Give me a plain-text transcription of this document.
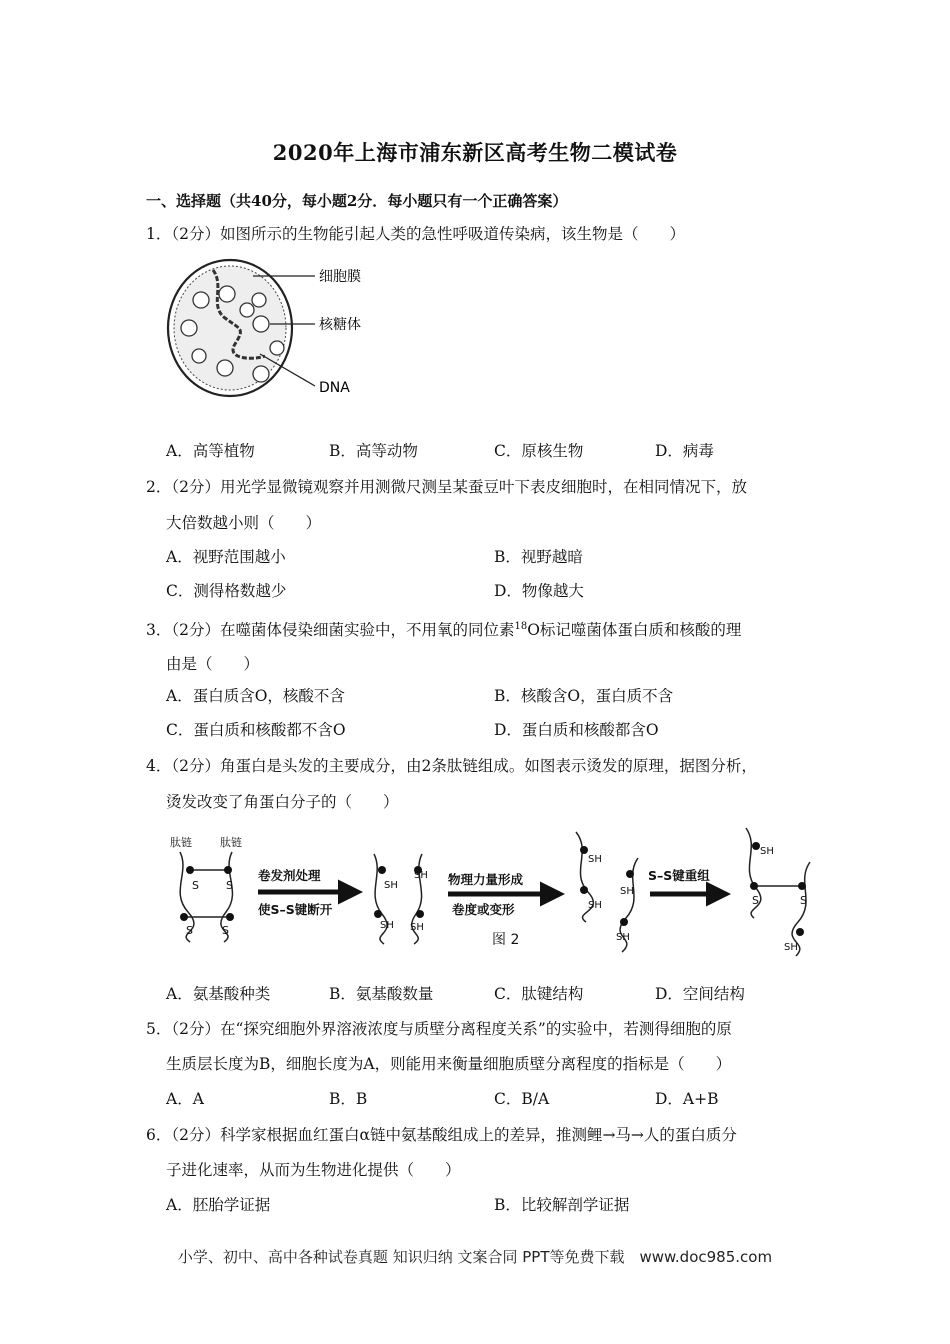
2020年上海市浦东新区高考生物二模试卷
一、选择题（共40分，每小题2分．每小题只有一个正确答案）
1．（2分）如图所示的生物能引起人类的急性呼吸道传染病，该生物是（　　）
细胞膜
核糖体
DNA
A．高等植物	B．高等动物	C．原核生物	D．病毒
2．（2分）用光学显微镜观察并用测微尺测呈某蚕豆叶下表皮细胞时，在相同情况下，放
大倍数越小则（　　）
A．视野范围越小	B．视野越暗
C．测得格数越少	D．物像越大
3．（2分）在噬菌体侵染细菌实验中，不用氧的同位素$^{18}$O标记噬菌体蛋白质和核酸的理
由是（　　）
A．蛋白质含O，核酸不含	B．核酸含O，蛋白质不含
C．蛋白质和核酸都不含O	D．蛋白质和核酸都含O
4．（2分）角蛋白是头发的主要成分，由2条肽链组成。如图表示烫发的原理，据图分析，
烫发改变了角蛋白分子的（　　）
肽链	肽链
S S
S	S
卷发剂处理
使S–S键断开
SH
SH
SH SH
物理力量形成
卷度或变形
图 2
SH
SH
SH
SH
S–S键重组
SH
S	S
SH
A．氨基酸种类	B．氨基酸数量	C．肽键结构	D．空间结构
5．（2分）在“探究细胞外界溶液浓度与质壁分离程度关系”的实验中，若测得细胞的原
生质层长度为B，细胞长度为A，则能用来衡量细胞质壁分离程度的指标是（　　）
A．A	B．B	C．B/A	D．A+B
6．（2分）科学家根据血红蛋白α链中氨基酸组成上的差异，推测鲤→马→人的蛋白质分
子进化速率，从而为生物进化提供（　　）
A．胚胎学证据	B．比较解剖学证据
小学、初中、高中各种试卷真题 知识归纳 文案合同 PPT等免费下载　www.doc985.com
